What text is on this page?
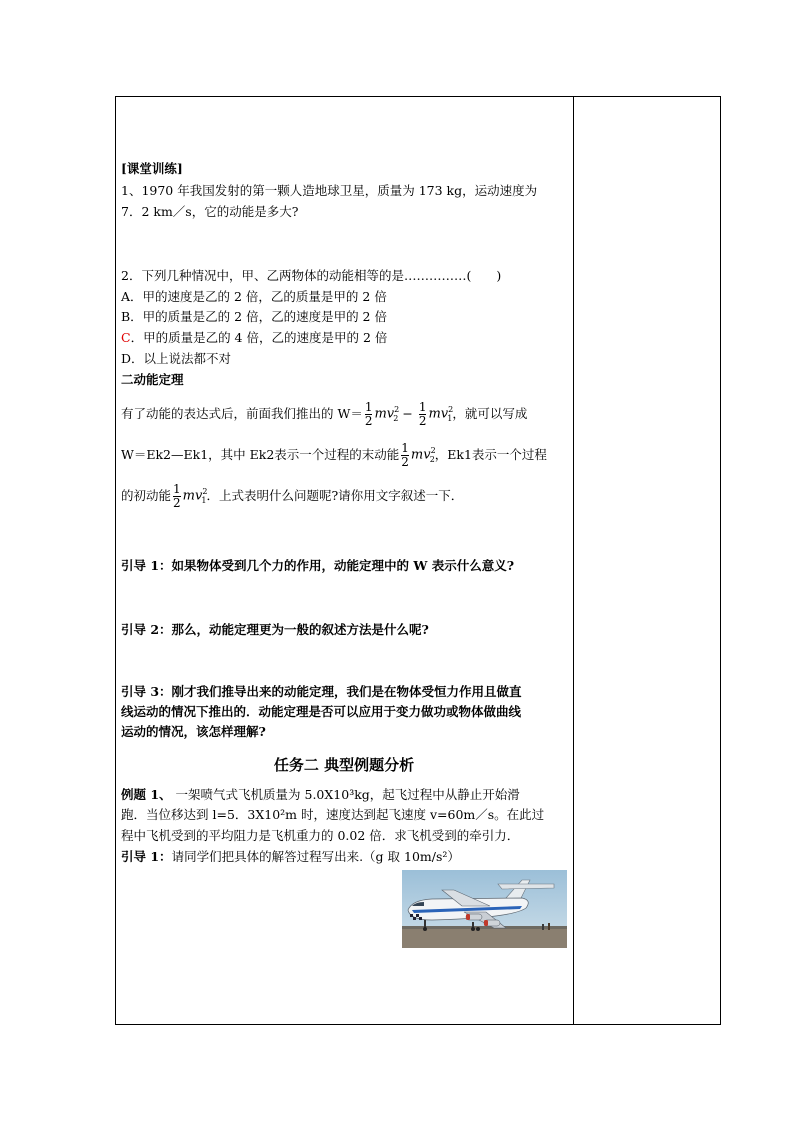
[课堂训练]
1、1970 年我国发射的第一颗人造地球卫星，质量为 173 kg，运动速度为
7．2 km／s，它的动能是多大?
2．下列几种情况中，甲、乙两物体的动能相等的是……………(　　)
A．甲的速度是乙的 2 倍，乙的质量是甲的 2 倍
B．甲的质量是乙的 2 倍，乙的速度是甲的 2 倍
C．甲的质量是乙的 4 倍，乙的速度是甲的 2 倍
D．以上说法都不对
二动能定理
有了动能的表达式后，前面我们推出的 $W= \frac{1}{2} mv^2_2 - \frac{1}{2} mv^2_1$ ，就可以写成
W＝Ek2—Ek1，其中 Ek2表示一个过程的末动能 $\frac{1}{2} mv^2_2$ ，Ek1表示一个过程
的初动能 $\frac{1}{2} mv^2_1$ ．上式表明什么问题呢?请你用文字叙述一下．
引导 1：如果物体受到几个力的作用，动能定理中的 W 表示什么意义?
引导 2：那么，动能定理更为一般的叙述方法是什么呢?
引导 3：刚才我们推导出来的动能定理，我们是在物体受恒力作用且做直
线运动的情况下推出的．动能定理是否可以应用于变力做功或物体做曲线
运动的情况，该怎样理解?
任务二 典型例题分析
例题 1、 一架喷气式飞机质量为 5.0X10³kg，起飞过程中从静止开始滑
跑．当位移达到 l=5．3X10²m 时，速度达到起飞速度 v=60m／s。在此过
程中飞机受到的平均阻力是飞机重力的 0.02 倍．求飞机受到的牵引力．
引导 1：请同学们把具体的解答过程写出来.（g 取 10m/s²）
